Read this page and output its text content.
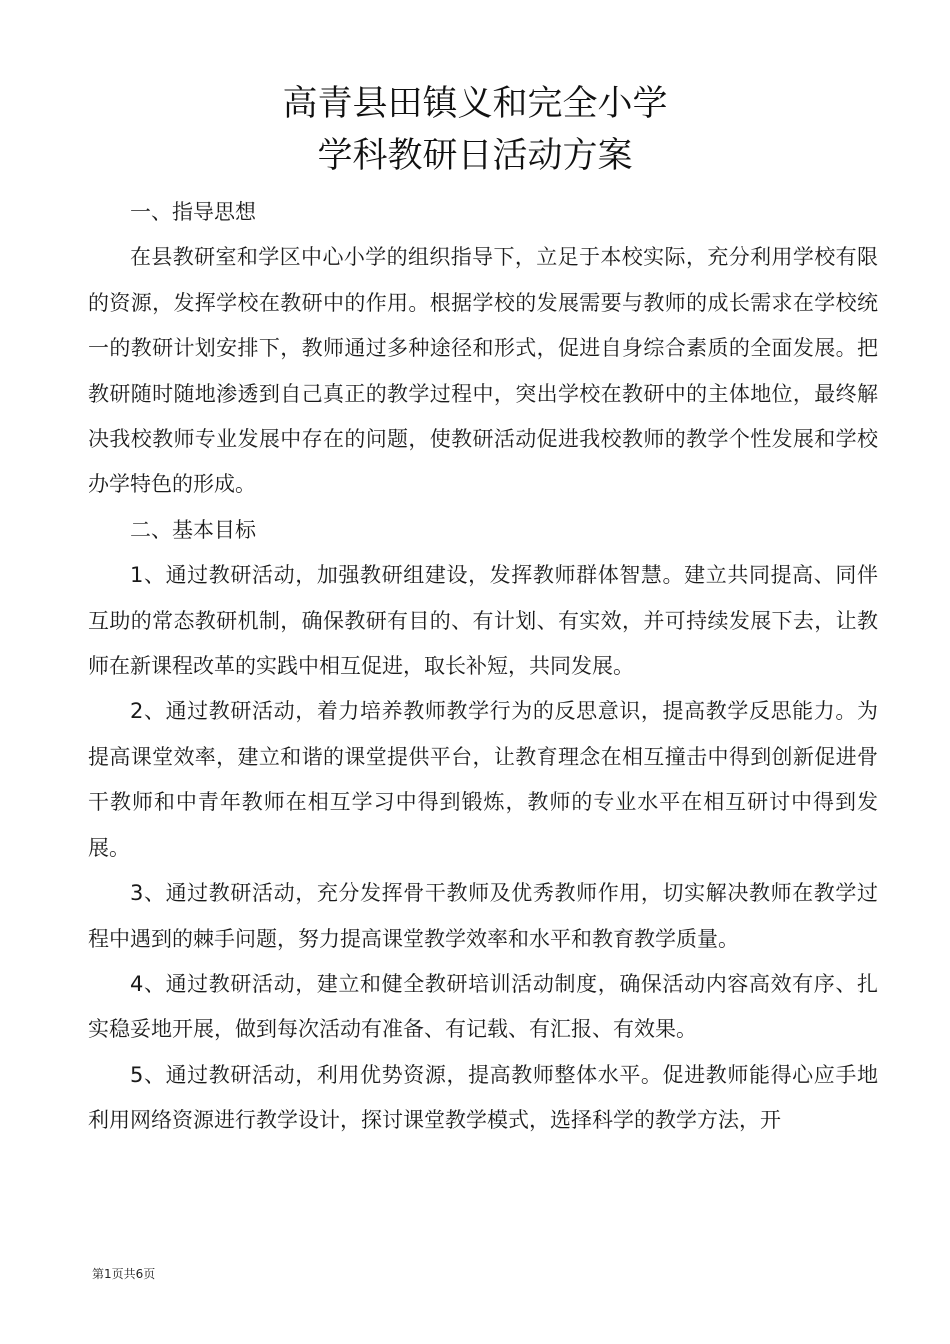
高青县田镇义和完全小学
学科教研日活动方案

一、指导思想

在县教研室和学区中心小学的组织指导下，立足于本校实际，充分利用学校有限的资源，发挥学校在教研中的作用。根据学校的发展需要与教师的成长需求在学校统一的教研计划安排下，教师通过多种途径和形式，促进自身综合素质的全面发展。把教研随时随地渗透到自己真正的教学过程中，突出学校在教研中的主体地位，最终解决我校教师专业发展中存在的问题，使教研活动促进我校教师的教学个性发展和学校办学特色的形成。

二、基本目标

1、通过教研活动，加强教研组建设，发挥教师群体智慧。建立共同提高、同伴互助的常态教研机制，确保教研有目的、有计划、有实效，并可持续发展下去，让教师在新课程改革的实践中相互促进，取长补短，共同发展。

2、通过教研活动，着力培养教师教学行为的反思意识，提高教学反思能力。为提高课堂效率，建立和谐的课堂提供平台，让教育理念在相互撞击中得到创新促进骨干教师和中青年教师在相互学习中得到锻炼，教师的专业水平在相互研讨中得到发展。

3、通过教研活动，充分发挥骨干教师及优秀教师作用，切实解决教师在教学过程中遇到的棘手问题，努力提高课堂教学效率和水平和教育教学质量。

4、通过教研活动，建立和健全教研培训活动制度，确保活动内容高效有序、扎实稳妥地开展，做到每次活动有准备、有记载、有汇报、有效果。

5、通过教研活动，利用优势资源，提高教师整体水平。促进教师能得心应手地利用网络资源进行教学设计，探讨课堂教学模式，选择科学的教学方法，开

第1页共6页
